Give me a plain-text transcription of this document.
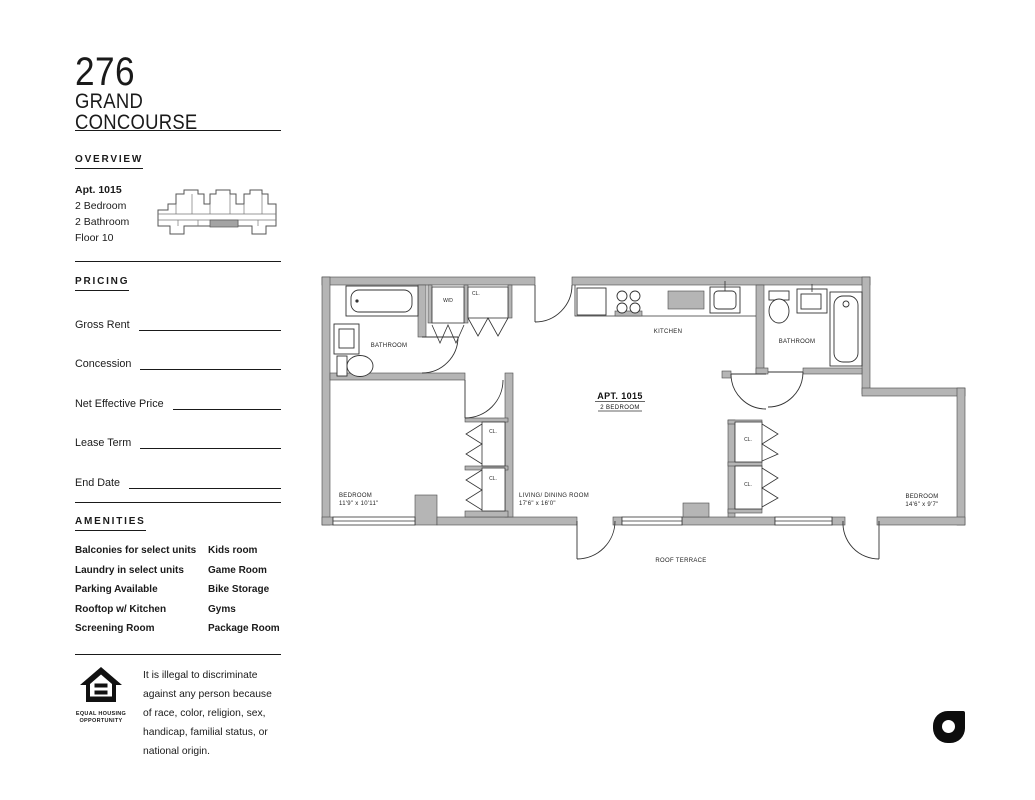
276
GRAND
CONCOURSE
OVERVIEW
Apt. 1015
2 Bedroom
2 Bathroom
Floor 10
PRICING
Gross Rent
Concession
Net Effective Price
Lease Term
End Date
AMENITIES
Balconies for select units	Kids room
Laundry in select units	Game Room
Parking Available	Bike Storage
Rooftop w/ Kitchen	Gyms
Screening Room	Package Room
EQUAL HOUSING
OPPORTUNITY
It is illegal to discriminate against any person because of race, color, religion, sex, handicap, familial status, or national origin.
BATHROOM
BATHROOM
KITCHEN
APT. 1015
2 BEDROOM
BEDROOM
11'9" x 10'11"
LIVING/ DINING ROOM
17'6" x 16'0"
BEDROOM
14'6" x 9'7"
ROOF TERRACE
W/D
CL.
CL.
CL.
CL.
CL.
